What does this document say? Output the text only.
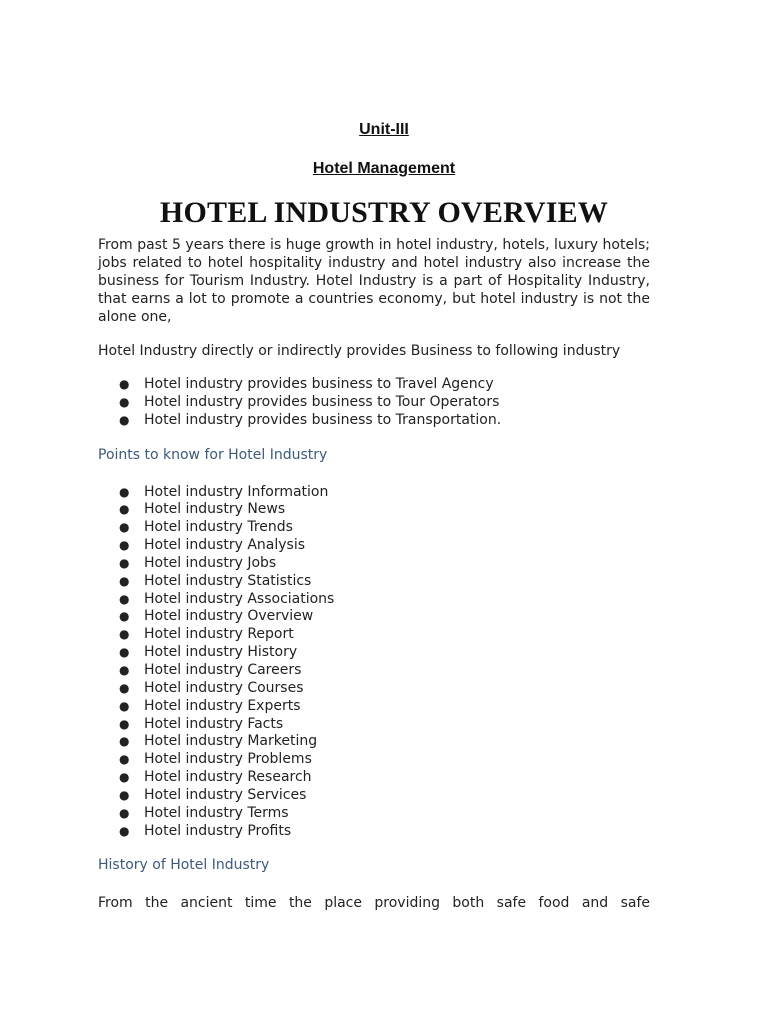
Unit-III
Hotel Management
HOTEL INDUSTRY OVERVIEW

From past 5 years there is huge growth in hotel industry, hotels, luxury hotels; jobs related to hotel hospitality industry and hotel industry also increase the business for Tourism Industry. Hotel Industry is a part of Hospitality Industry, that earns a lot to promote a countries economy, but hotel industry is not the alone one,

Hotel Industry directly or indirectly provides Business to following industry

● Hotel industry provides business to Travel Agency
● Hotel industry provides business to Tour Operators
● Hotel industry provides business to Transportation.
Points to know for Hotel Industry
● Hotel industry Information
● Hotel industry News
● Hotel industry Trends
● Hotel industry Analysis
● Hotel industry Jobs
● Hotel industry Statistics
● Hotel industry Associations
● Hotel industry Overview
● Hotel industry Report
● Hotel industry History
● Hotel industry Careers
● Hotel industry Courses
● Hotel industry Experts
● Hotel industry Facts
● Hotel industry Marketing
● Hotel industry Problems
● Hotel industry Research
● Hotel industry Services
● Hotel industry Terms
● Hotel industry Profits
History of Hotel Industry

From the ancient time the place providing both safe food and safe
